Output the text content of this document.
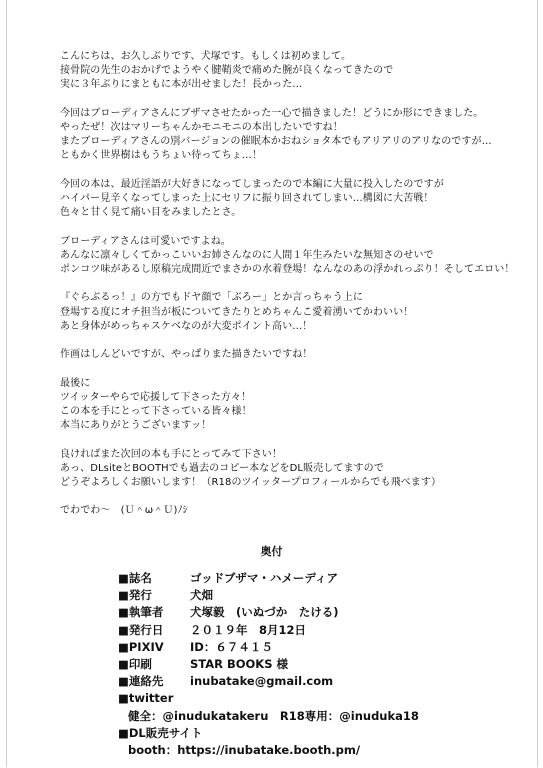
こんにちは、お久しぶりです、犬塚です。もしくは初めまして。
接骨院の先生のおかげでようやく腱鞘炎で痛めた腕が良くなってきたので
実に３年ぶりにまともに本が出せました！長かった…
今回はブローディアさんにブザマさせたかった一心で描きました！どうにか形にできました。
やったぜ！次はマリーちゃんかモニモニの本出したいですね！
またブローディアさんの別バージョンの催眠本かおねショタ本でもアリアリのアリなのですが…
ともかく世界樹はもうちょい待ってちょ…！
今回の本は、最近淫語が大好きになってしまったので本編に大量に投入したのですが
ハイパー見辛くなってしまった上にセリフに振り回されてしまい…構図に大苦戦！
色々と甘く見て痛い目をみましたとさ。
ブローディアさんは可愛いですよね。
あんなに凛々しくてかっこいいお姉さんなのに人間１年生みたいな無知さのせいで
ポンコツ味があるし原稿完成間近でまさかの水着登場！なんなのあの浮かれっぷり！そしてエロい！
『ぐらぶるっ！』の方でもドヤ顔で「ぶろー」とか言っちゃう上に
登場する度にオチ担当が板についてきたりとめちゃんこ愛着湧いてかわいい！
あと身体がめっちゃスケベなのが大変ポイント高い…！
作画はしんどいですが、やっぱりまた描きたいですね！
最後に
ツイッターやらで応援して下さった方々！
この本を手にとって下さっている皆々様！
本当にありがとうございますッ！
良ければまた次回の本も手にとってみて下さい！
あっ、DLsiteとBOOTHでも過去のコピー本などをDL販売してますので
どうぞよろしくお願いします！（R18のツイッタープロフィールからでも飛べます）
でわでわ～　(Ｕ＾ω＾Ｕ)ﾉｼ
奥付
■誌名	ゴッドブザマ・ハメーディア
■発行	犬畑
■執筆者	犬塚毅　(いぬづか　たける)
■発行日	２０１９年　8月12日
■PIXIV	ID：６７４１５
■印刷	STAR BOOKS 様
■連絡先	inubatake@gmail.com
■twitter
健全：@inudukatakeru　R18専用：@inuduka18
■DL販売サイト
booth：https://inubatake.booth.pm/
